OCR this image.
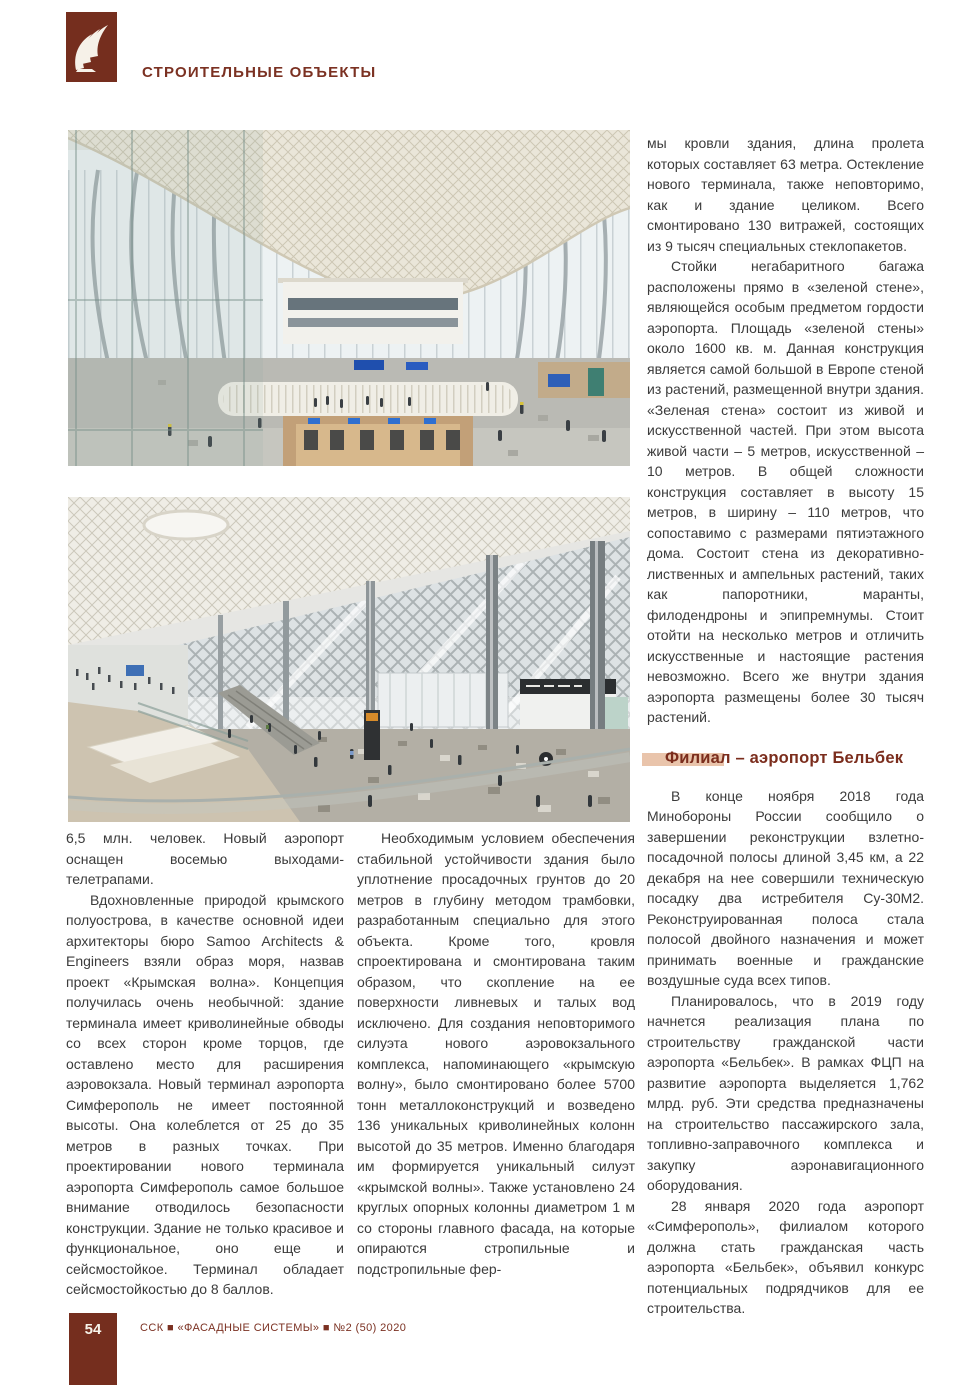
СТРОИТЕЛЬНЫЕ ОБЪЕКТЫ

6,5 млн. человек. Новый аэропорт оснащен восемью выходами-телетрапами.

Вдохновленные природой крымского полуострова, в качестве основной идеи архитекторы бюро Samoo Architects & Engineers взяли образ моря, назвав проект «Крымская волна». Концепция получилась очень необычной: здание терминала имеет криволинейные обводы со всех сторон кроме торцов, где оставлено место для расширения аэровокзала. Новый терминал аэропорта Симферополь не имеет постоянной высоты. Она колеблется от 25 до 35 метров в разных точках. При проектировании нового терминала аэропорта Симферополь самое большое внимание отводилось безопасности конструкции. Здание не только красивое и функциональное, оно еще и сейсмостойкое. Терминал обладает сейсмостойкостью до 8 баллов.

Необходимым условием обеспечения стабильной устойчивости здания было уплотнение просадочных грунтов до 20 метров в глубину методом трамбовки, разработанным специально для этого объекта. Кроме того, кровля спроектирована и смонтирована таким образом, что скопление на ее поверхности ливневых и талых вод исключено. Для создания неповторимого силуэта нового аэровокзального комплекса, напоминающего «крымскую волну», было смонтировано более 5700 тонн металлоконструкций и возведено 136 уникальных криволинейных колонн высотой до 35 метров. Именно благодаря им формируется уникальный силуэт «крымской волны». Также установлено 24 круглых опорных колонны диаметром 1 м со стороны главного фасада, на которые опираются стропильные и подстропильные фер-

мы кровли здания, длина пролета которых составляет 63 метра. Остекление нового терминала, также неповторимо, как и здание целиком. Всего смонтировано 130 витражей, состоящих из 9 тысяч специальных стеклопакетов.

Стойки негабаритного багажа расположены прямо в «зеленой стене», являющейся особым предметом гордости аэропорта. Площадь «зеленой стены» около 1600 кв. м. Данная конструкция является самой большой в Европе стеной из растений, размещенной внутри здания. «Зеленая стена» состоит из живой и искусственной частей. При этом высота живой части – 5 метров, искусственной – 10 метров. В общей сложности конструкция составляет в высоту 15 метров, в ширину – 110 метров, что сопоставимо с размерами пятиэтажного дома. Состоит стена из декоративно-лиственных и ампельных растений, таких как папоротники, маранты, филодендроны и эпипремнумы. Стоит отойти на несколько метров и отличить искусственные и настоящие растения невозможно. Всего же внутри здания аэропорта размещены более 30 тысяч растений.

Филиал – аэропорт Бельбек

В конце ноября 2018 года Минобороны России сообщило о завершении реконструкции взлетно-посадочной полосы длиной 3,45 км, а 22 декабря на нее совершили техническую посадку два истребителя Су-30М2. Реконструированная полоса стала полосой двойного назначения и может принимать военные и гражданские воздушные суда всех типов.

Планировалось, что в 2019 году начнется реализация плана по строительству гражданской части аэропорта «Бельбек». В рамках ФЦП на развитие аэропорта выделяется 1,762 млрд. руб. Эти средства предназначены на строительство пассажирского зала, топливно-заправочного комплекса и закупку аэронавигационного оборудования.

28 января 2020 года аэропорт «Симферополь», филиалом которого должна стать гражданская часть аэропорта «Бельбек», объявил конкурс потенциальных подрядчиков для ее строительства.

54	ССК ■ «ФАСАДНЫЕ СИСТЕМЫ» ■ №2 (50) 2020
